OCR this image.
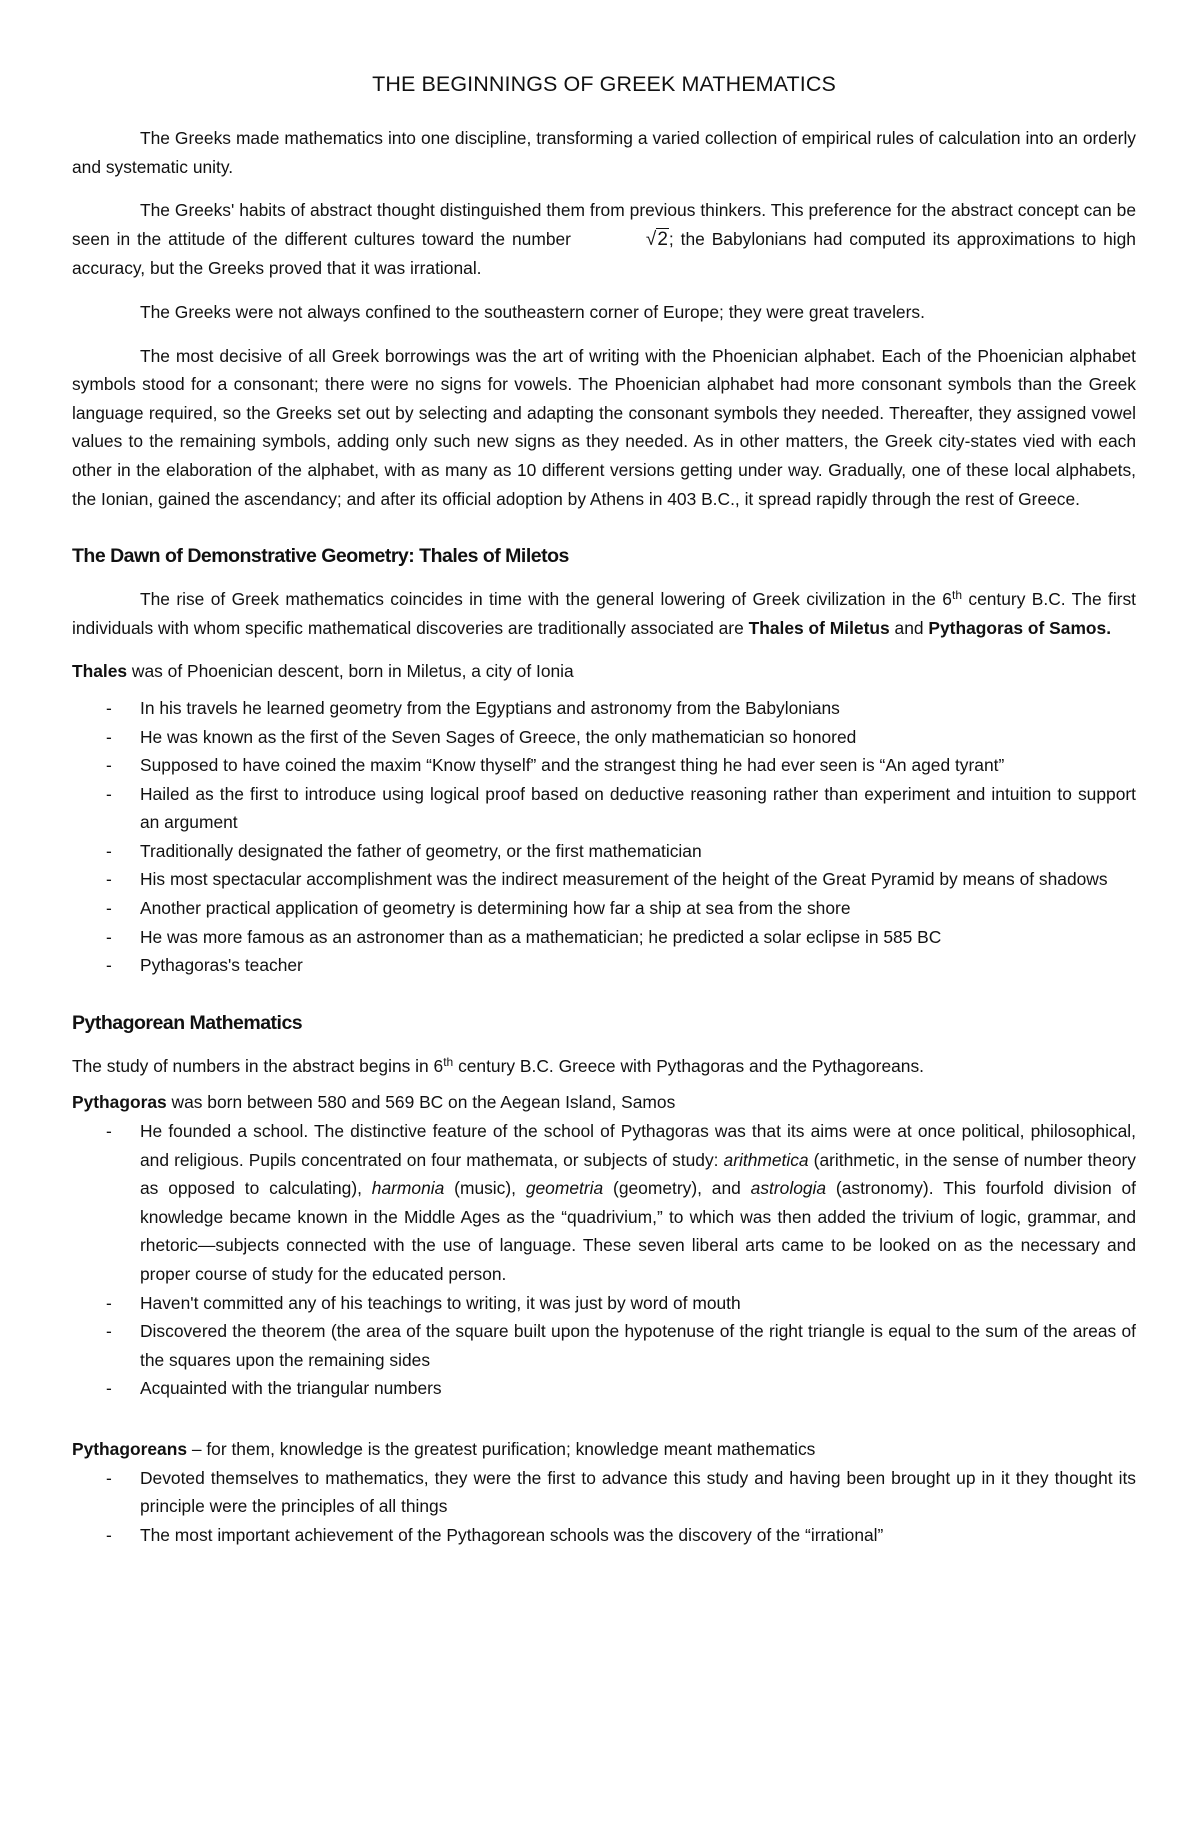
THE BEGINNINGS OF GREEK MATHEMATICS

The Greeks made mathematics into one discipline, transforming a varied collection of empirical rules of calculation into an orderly and systematic unity.

The Greeks' habits of abstract thought distinguished them from previous thinkers. This preference for the abstract concept can be seen in the attitude of the different cultures toward the number	√2; the Babylonians had computed its approximations to high accuracy, but the Greeks proved that it was irrational.

The Greeks were not always confined to the southeastern corner of Europe; they were great travelers.

The most decisive of all Greek borrowings was the art of writing with the Phoenician alphabet. Each of the Phoenician alphabet symbols stood for a consonant; there were no signs for vowels. The Phoenician alphabet had more consonant symbols than the Greek language required, so the Greeks set out by selecting and adapting the consonant symbols they needed. Thereafter, they assigned vowel values to the remaining symbols, adding only such new signs as they needed. As in other matters, the Greek city-states vied with each other in the elaboration of the alphabet, with as many as 10 different versions getting under way. Gradually, one of these local alphabets, the Ionian, gained the ascendancy; and after its official adoption by Athens in 403 B.C., it spread rapidly through the rest of Greece.

The Dawn of Demonstrative Geometry: Thales of Miletos

The rise of Greek mathematics coincides in time with the general lowering of Greek civilization in the 6th century B.C. The first individuals with whom specific mathematical discoveries are traditionally associated are Thales of Miletus and Pythagoras of Samos.

Thales was of Phoenician descent, born in Miletus, a city of Ionia

- In his travels he learned geometry from the Egyptians and astronomy from the Babylonians
- He was known as the first of the Seven Sages of Greece, the only mathematician so honored
- Supposed to have coined the maxim “Know thyself” and the strangest thing he had ever seen is “An aged tyrant”
- Hailed as the first to introduce using logical proof based on deductive reasoning rather than experiment and intuition to support an argument
- Traditionally designated the father of geometry, or the first mathematician
- His most spectacular accomplishment was the indirect measurement of the height of the Great Pyramid by means of shadows
- Another practical application of geometry is determining how far a ship at sea from the shore
- He was more famous as an astronomer than as a mathematician; he predicted a solar eclipse in 585 BC
- Pythagoras's teacher
Pythagorean Mathematics

The study of numbers in the abstract begins in 6th century B.C. Greece with Pythagoras and the Pythagoreans.

Pythagoras was born between 580 and 569 BC on the Aegean Island, Samos

- He founded a school. The distinctive feature of the school of Pythagoras was that its aims were at once political, philosophical, and religious. Pupils concentrated on four mathemata, or subjects of study: arithmetica (arithmetic, in the sense of number theory as opposed to calculating), harmonia (music), geometria (geometry), and astrologia (astronomy). This fourfold division of knowledge became known in the Middle Ages as the “quadrivium,” to which was then added the trivium of logic, grammar, and rhetoric—subjects connected with the use of language. These seven liberal arts came to be looked on as the necessary and proper course of study for the educated person.
- Haven't committed any of his teachings to writing, it was just by word of mouth
- Discovered the theorem (the area of the square built upon the hypotenuse of the right triangle is equal to the sum of the areas of the squares upon the remaining sides
- Acquainted with the triangular numbers

Pythagoreans – for them, knowledge is the greatest purification; knowledge meant mathematics

- Devoted themselves to mathematics, they were the first to advance this study and having been brought up in it they thought its principle were the principles of all things
- The most important achievement of the Pythagorean schools was the discovery of the “irrational”
